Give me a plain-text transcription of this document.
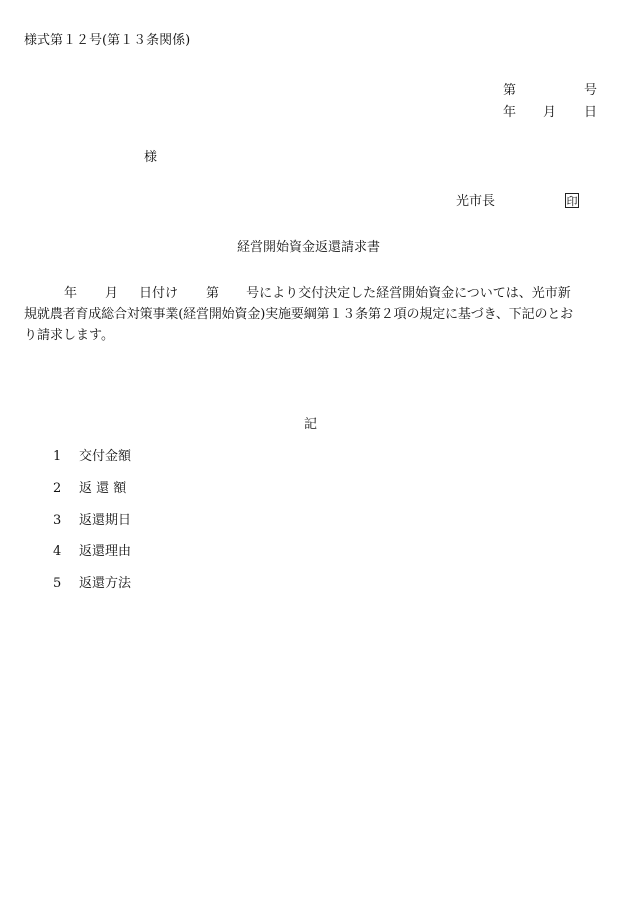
様式第１２号(第１３条関係)
第	号
年 月 日
様
光市長	印
経営開始資金返還請求書
年 月 日付け 第 号により交付決定した経営開始資金については、光市新
規就農者育成総合対策事業(経営開始資金)実施要綱第１３条第２項の規定に基づき、下記のとお
り請求します。
記
1 交付金額
2 返 還 額
3 返還期日
4 返還理由
5 返還方法
